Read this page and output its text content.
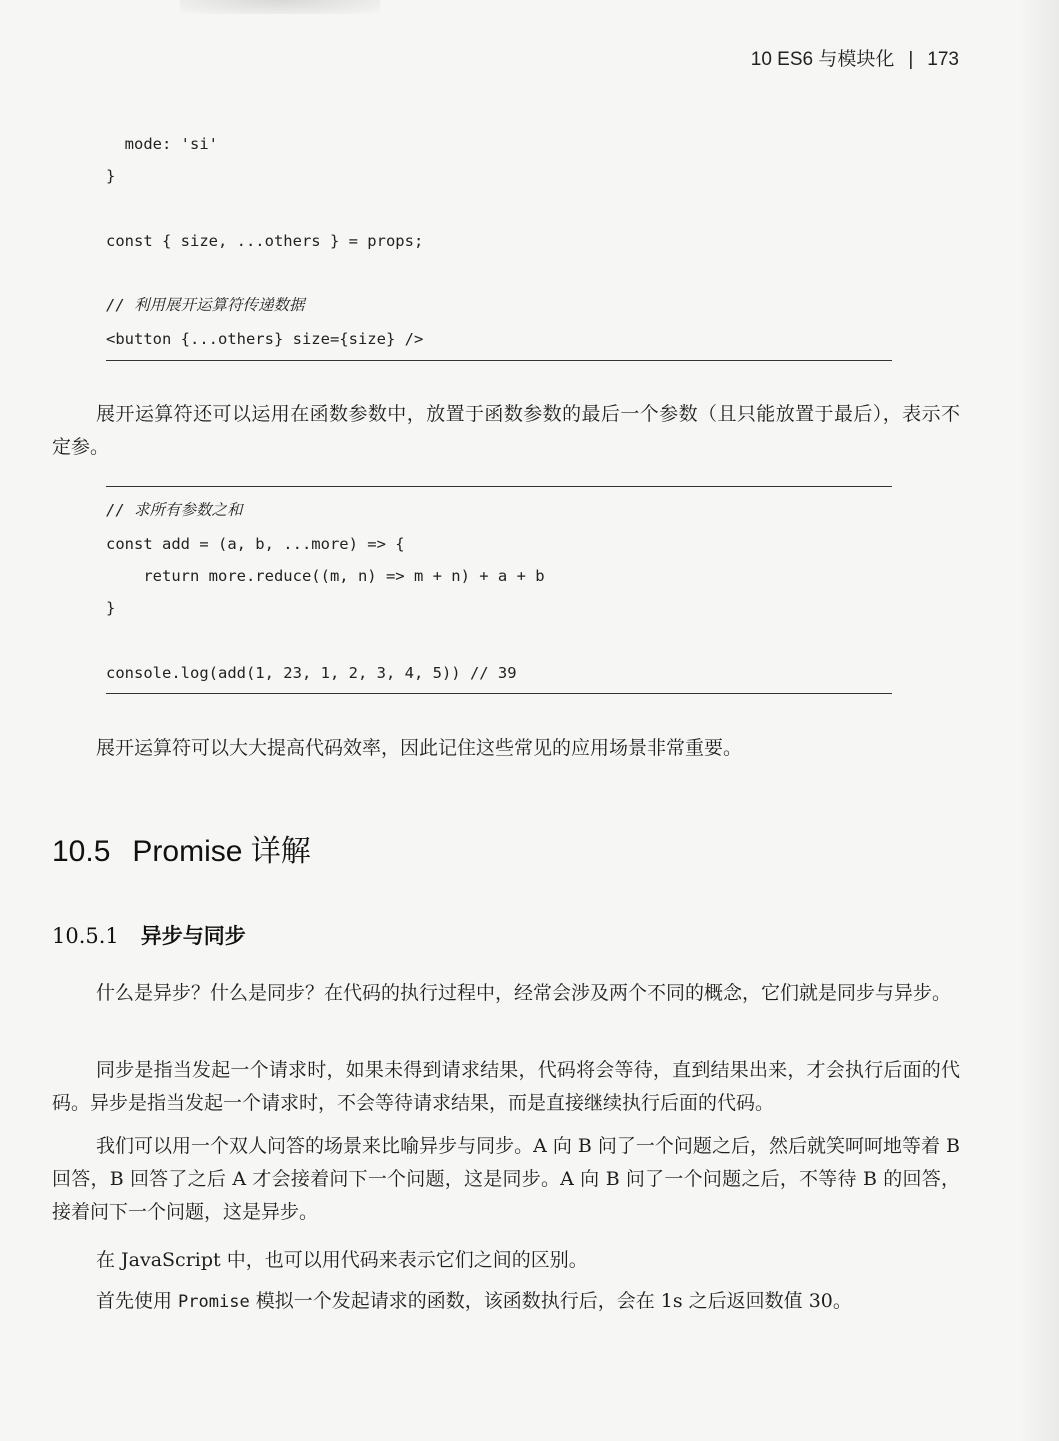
10 ES6 与模块化 | 173
mode: 'si'
}
const { size, ...others } = props;
// 利用展开运算符传递数据
<button {...others} size={size} />
展开运算符还可以运用在函数参数中，放置于函数参数的最后一个参数（且只能放置于最后），表示不定参。
// 求所有参数之和
const add = (a, b, ...more) => {
return more.reduce((m, n) => m + n) + a + b
}
console.log(add(1, 23, 1, 2, 3, 4, 5)) // 39
展开运算符可以大大提高代码效率，因此记住这些常见的应用场景非常重要。
10.5 Promise 详解
10.5.1 异步与同步
什么是异步？什么是同步？在代码的执行过程中，经常会涉及两个不同的概念，它们就是同步与异步。
同步是指当发起一个请求时，如果未得到请求结果，代码将会等待，直到结果出来，才会执行后面的代码。异步是指当发起一个请求时，不会等待请求结果，而是直接继续执行后面的代码。
我们可以用一个双人问答的场景来比喻异步与同步。A 向 B 问了一个问题之后，然后就笑呵呵地等着 B 回答，B 回答了之后 A 才会接着问下一个问题，这是同步。A 向 B 问了一个问题之后，不等待 B 的回答，接着问下一个问题，这是异步。
在 JavaScript 中，也可以用代码来表示它们之间的区别。
首先使用 Promise 模拟一个发起请求的函数，该函数执行后，会在 1s 之后返回数值 30。
